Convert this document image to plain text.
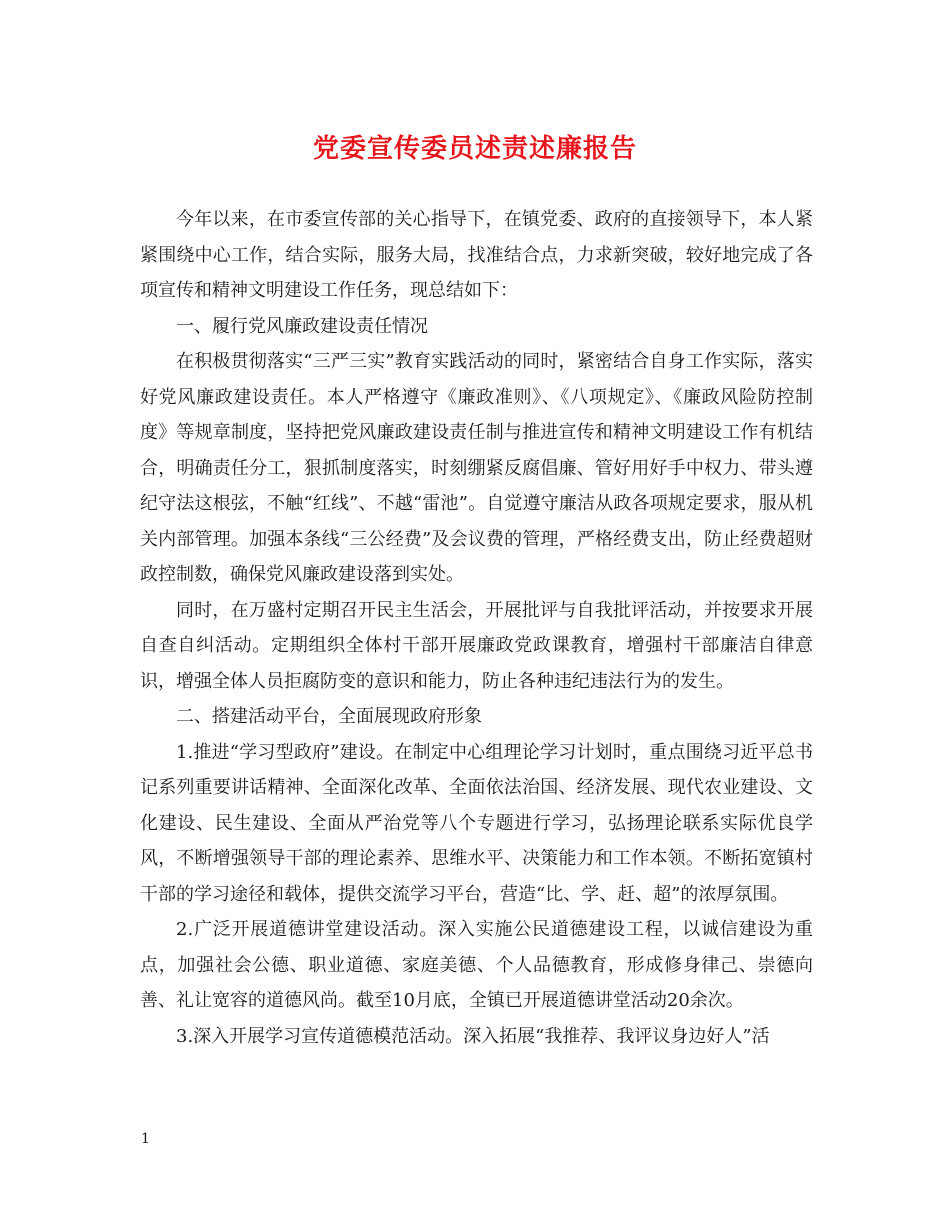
党委宣传委员述责述廉报告

今年以来，在市委宣传部的关心指导下，在镇党委、政府的直接领导下，本人紧紧围绕中心工作，结合实际，服务大局，找准结合点，力求新突破，较好地完成了各项宣传和精神文明建设工作任务，现总结如下：

一、履行党风廉政建设责任情况

在积极贯彻落实“三严三实”教育实践活动的同时，紧密结合自身工作实际，落实好党风廉政建设责任。本人严格遵守《廉政准则》、《八项规定》、《廉政风险防控制度》等规章制度，坚持把党风廉政建设责任制与推进宣传和精神文明建设工作有机结合，明确责任分工，狠抓制度落实，时刻绷紧反腐倡廉、管好用好手中权力、带头遵纪守法这根弦，不触“红线”、不越“雷池”。自觉遵守廉洁从政各项规定要求，服从机关内部管理。加强本条线“三公经费”及会议费的管理，严格经费支出，防止经费超财政控制数，确保党风廉政建设落到实处。

同时，在万盛村定期召开民主生活会，开展批评与自我批评活动，并按要求开展自查自纠活动。定期组织全体村干部开展廉政党政课教育，增强村干部廉洁自律意识，增强全体人员拒腐防变的意识和能力，防止各种违纪违法行为的发生。

二、搭建活动平台，全面展现政府形象

1.推进“学习型政府”建设。在制定中心组理论学习计划时，重点围绕习近平总书记系列重要讲话精神、全面深化改革、全面依法治国、经济发展、现代农业建设、文化建设、民生建设、全面从严治党等八个专题进行学习，弘扬理论联系实际优良学风，不断增强领导干部的理论素养、思维水平、决策能力和工作本领。不断拓宽镇村干部的学习途径和载体，提供交流学习平台，营造“比、学、赶、超”的浓厚氛围。

2.广泛开展道德讲堂建设活动。深入实施公民道德建设工程，以诚信建设为重点，加强社会公德、职业道德、家庭美德、个人品德教育，形成修身律己、崇德向善、礼让宽容的道德风尚。截至10月底，全镇已开展道德讲堂活动20余次。

3.深入开展学习宣传道德模范活动。深入拓展“我推荐、我评议身边好人”活

1
